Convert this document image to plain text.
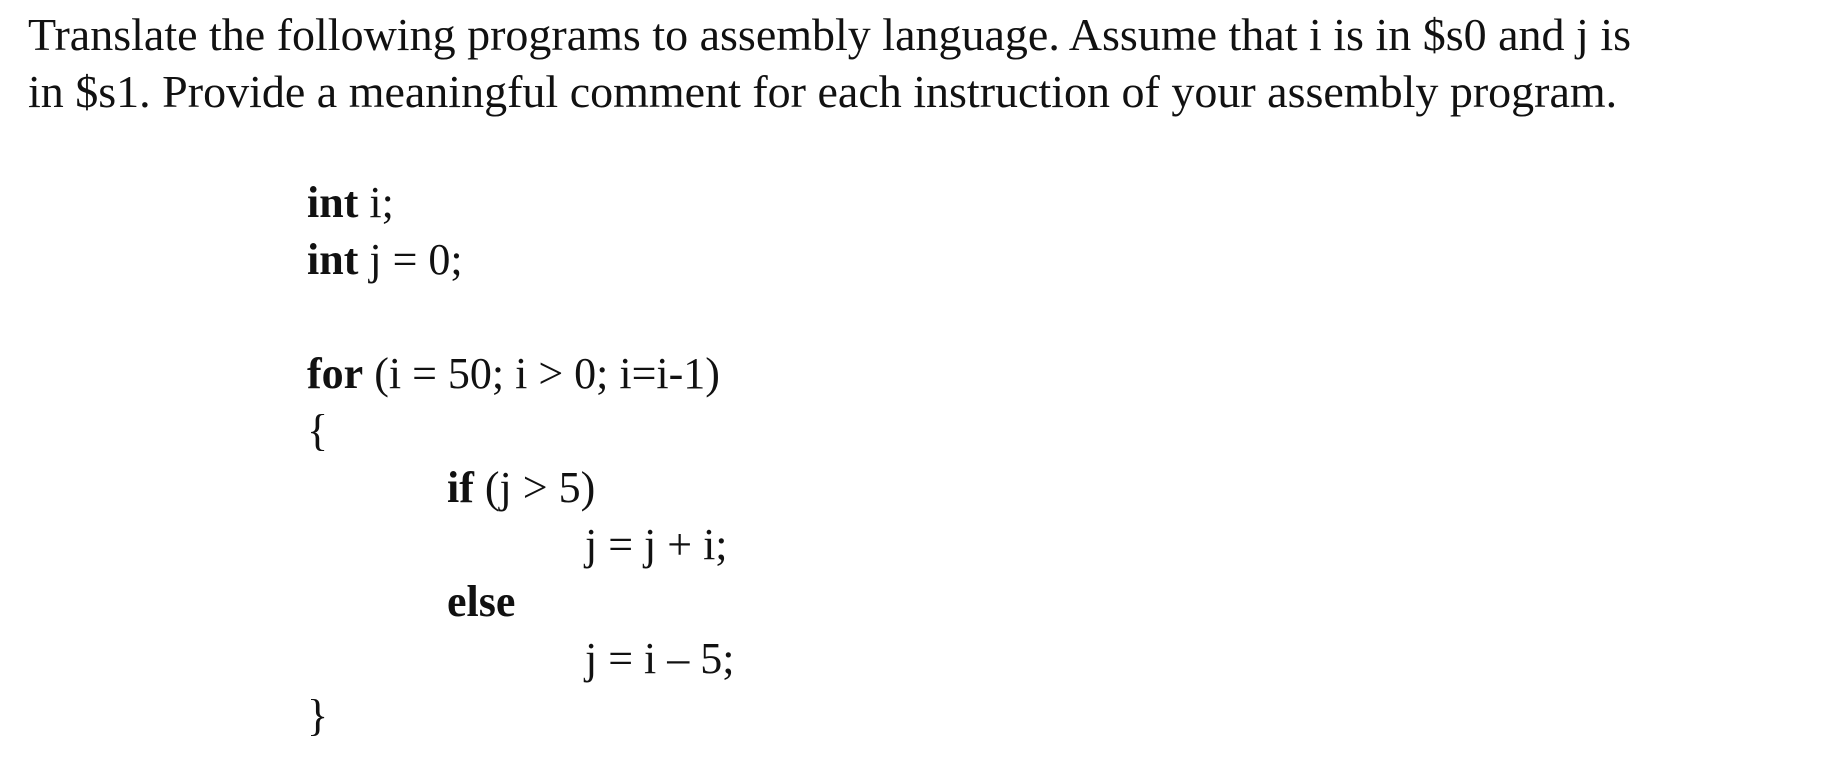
Translate the following programs to assembly language. Assume that i is in $s0 and j is
in $s1. Provide a meaningful comment for each instruction of your assembly program.
int i;
int j = 0;
for (i = 50; i > 0; i=i-1)
{
if (j > 5)
j = j + i;
else
j = i – 5;
}
